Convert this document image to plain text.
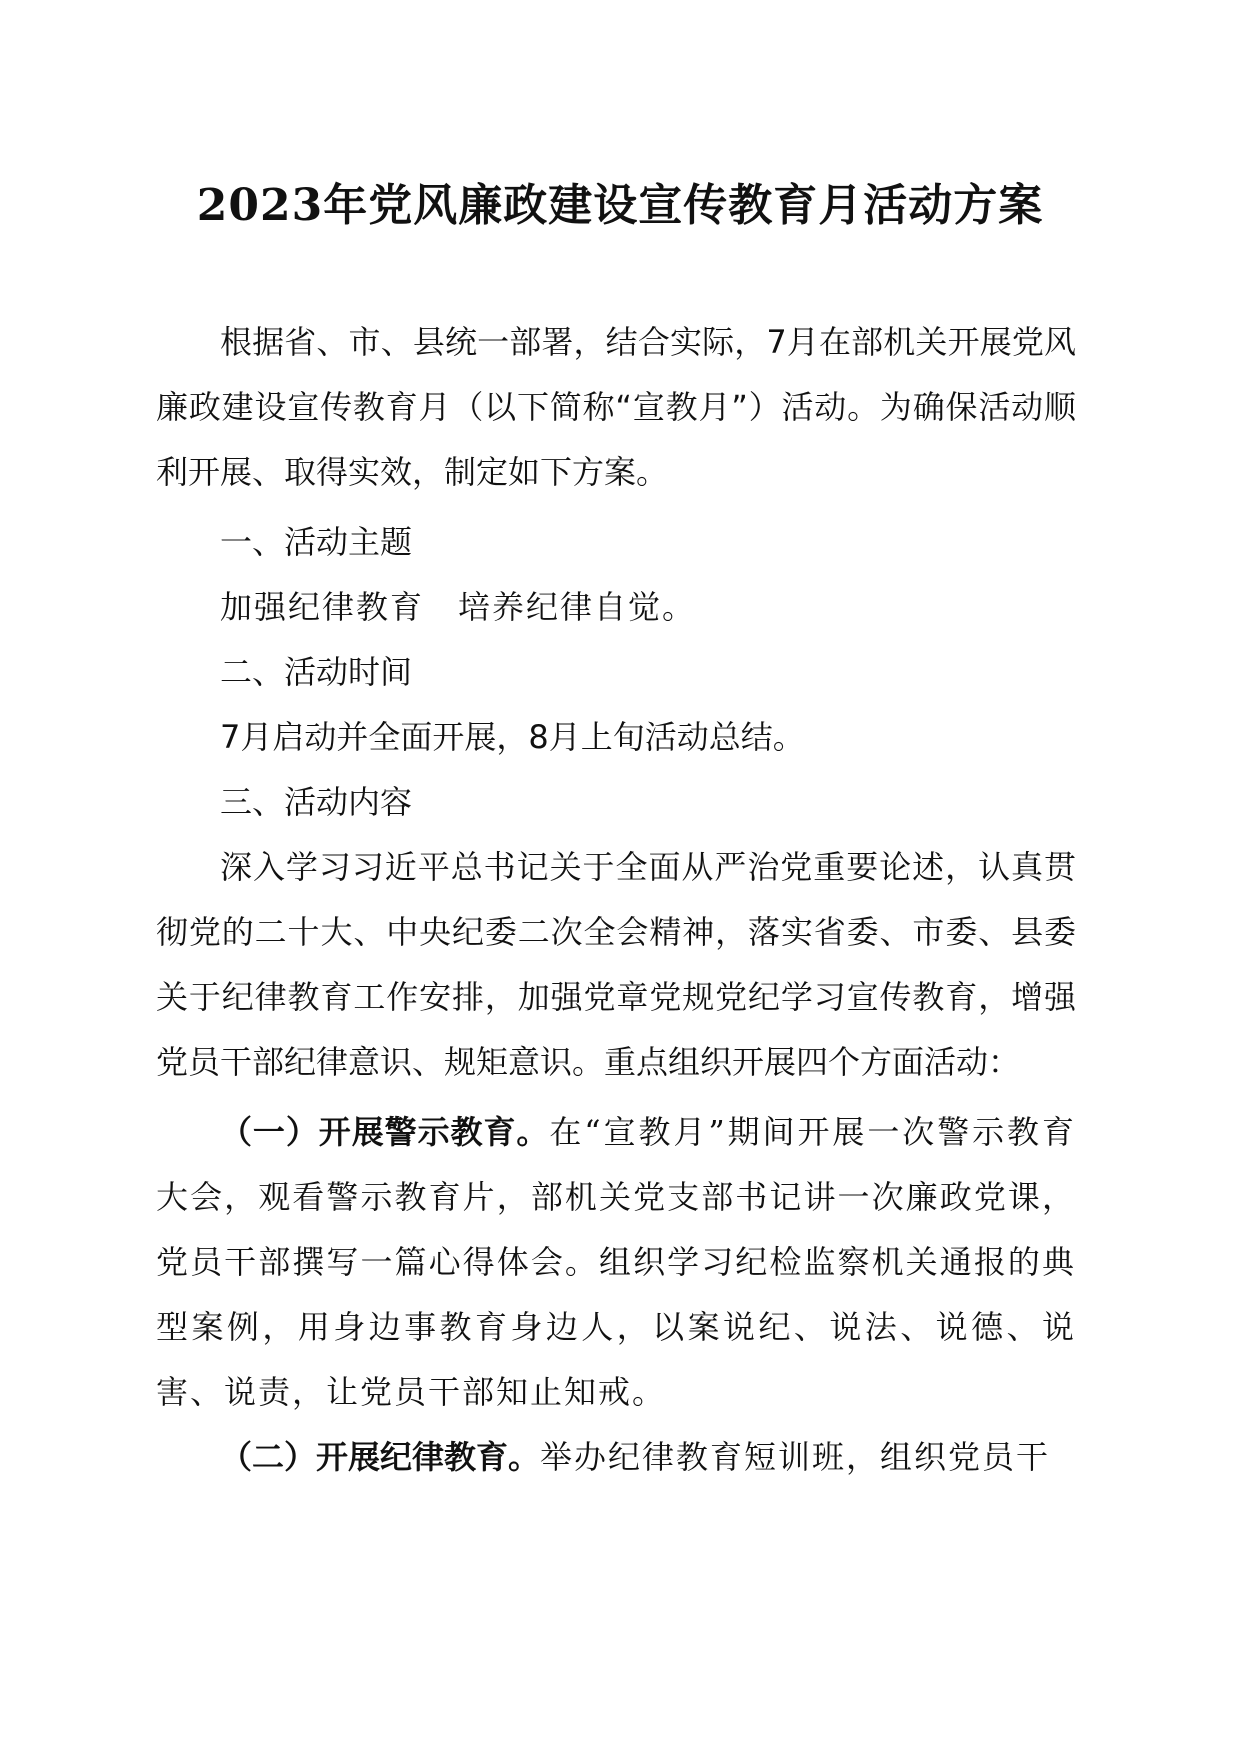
2023年党风廉政建设宣传教育月活动方案

根据省、市、县统一部署，结合实际，7月在部机关开展党风廉政建设宣传教育月（以下简称“宣教月”）活动。为确保活动顺利开展、取得实效，制定如下方案。

一、活动主题

加强纪律教育　培养纪律自觉。

二、活动时间

7月启动并全面开展，8月上旬活动总结。

三、活动内容

深入学习习近平总书记关于全面从严治党重要论述，认真贯彻党的二十大、中央纪委二次全会精神，落实省委、市委、县委关于纪律教育工作安排，加强党章党规党纪学习宣传教育，增强党员干部纪律意识、规矩意识。重点组织开展四个方面活动：

（一）开展警示教育。在“宣教月”期间开展一次警示教育大会，观看警示教育片，部机关党支部书记讲一次廉政党课，党员干部撰写一篇心得体会。组织学习纪检监察机关通报的典型案例，用身边事教育身边人，以案说纪、说法、说德、说害、说责，让党员干部知止知戒。

（二）开展纪律教育。举办纪律教育短训班，组织党员干
